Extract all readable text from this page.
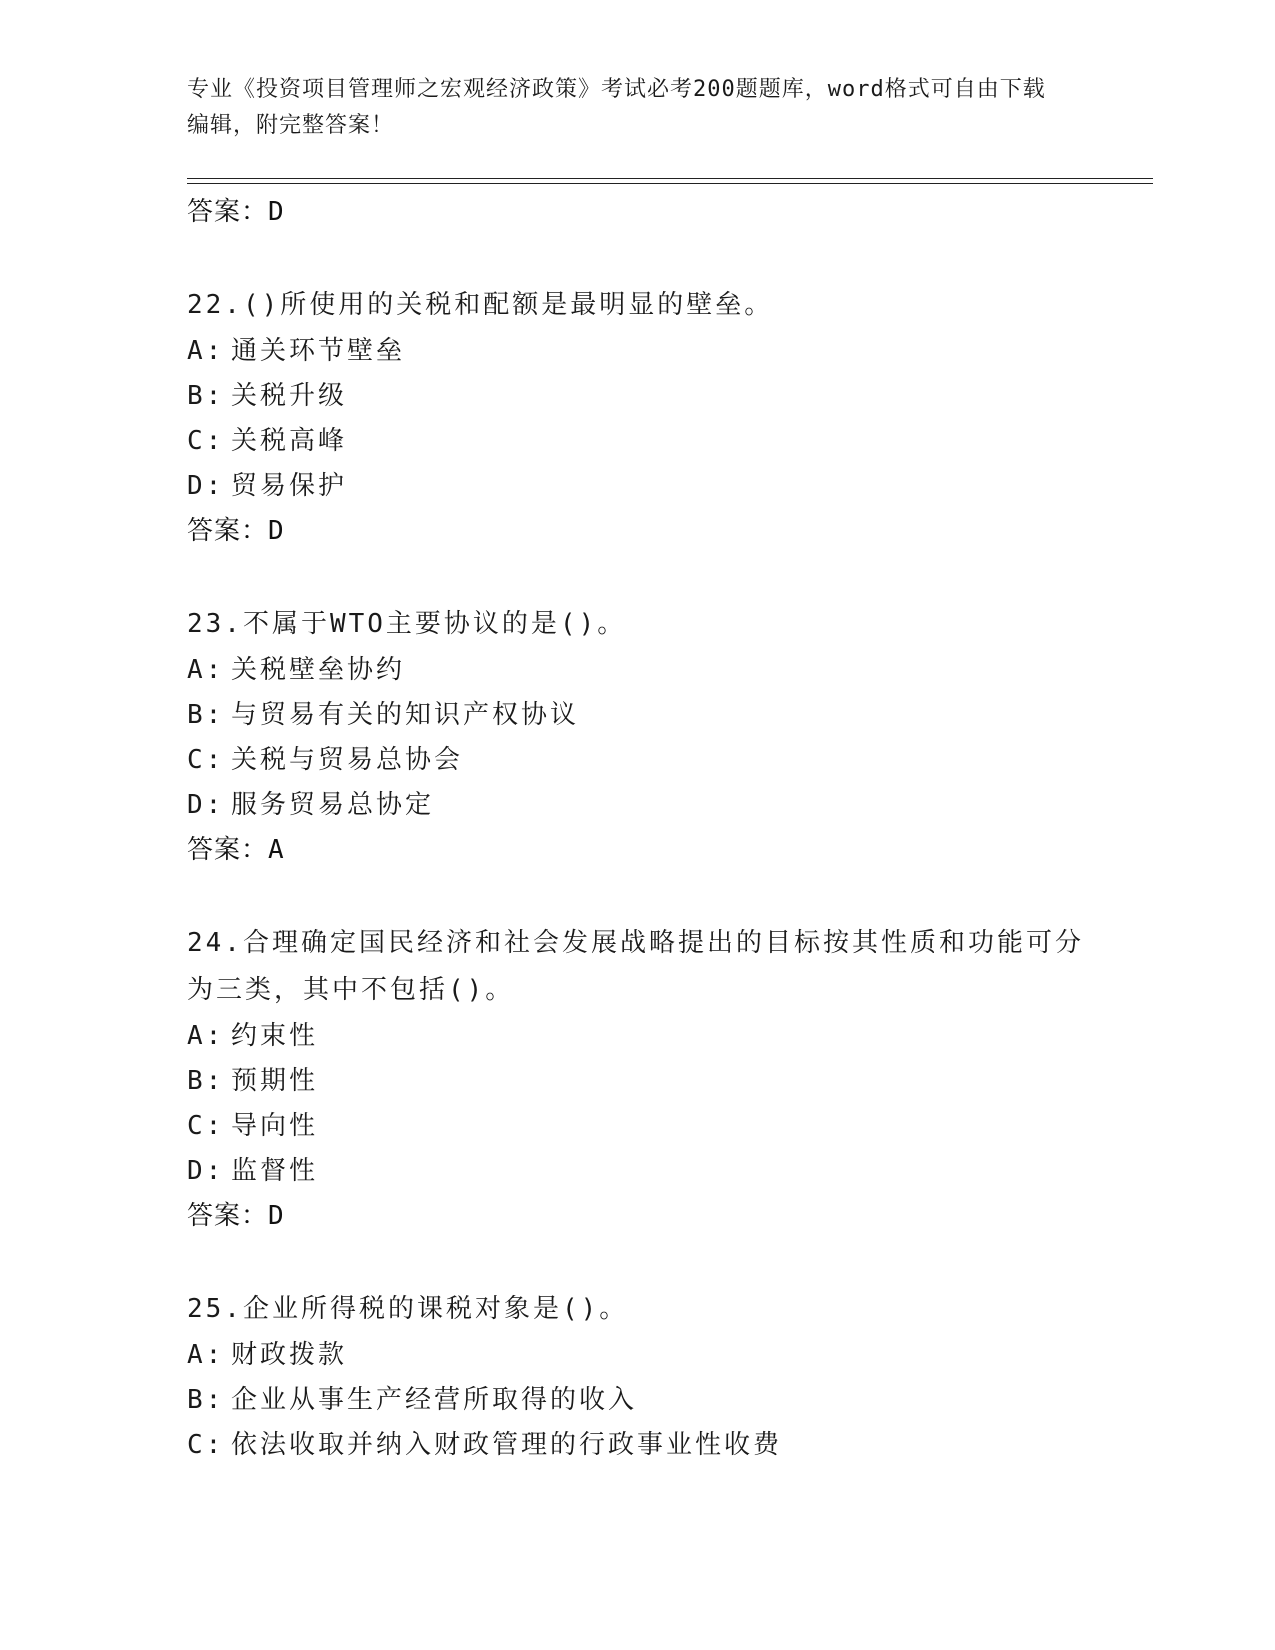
专业《投资项目管理师之宏观经济政策》考试必考200题题库，word格式可自由下载编辑，附完整答案！
答案：D
22.()所使用的关税和配额是最明显的壁垒。
A: 通关环节壁垒
B: 关税升级
C: 关税高峰
D: 贸易保护
答案：D
23.不属于WTO主要协议的是()。
A: 关税壁垒协约
B: 与贸易有关的知识产权协议
C: 关税与贸易总协会
D: 服务贸易总协定
答案：A
24.合理确定国民经济和社会发展战略提出的目标按其性质和功能可分为三类，其中不包括()。
A: 约束性
B: 预期性
C: 导向性
D: 监督性
答案：D
25.企业所得税的课税对象是()。
A: 财政拨款
B: 企业从事生产经营所取得的收入
C: 依法收取并纳入财政管理的行政事业性收费
